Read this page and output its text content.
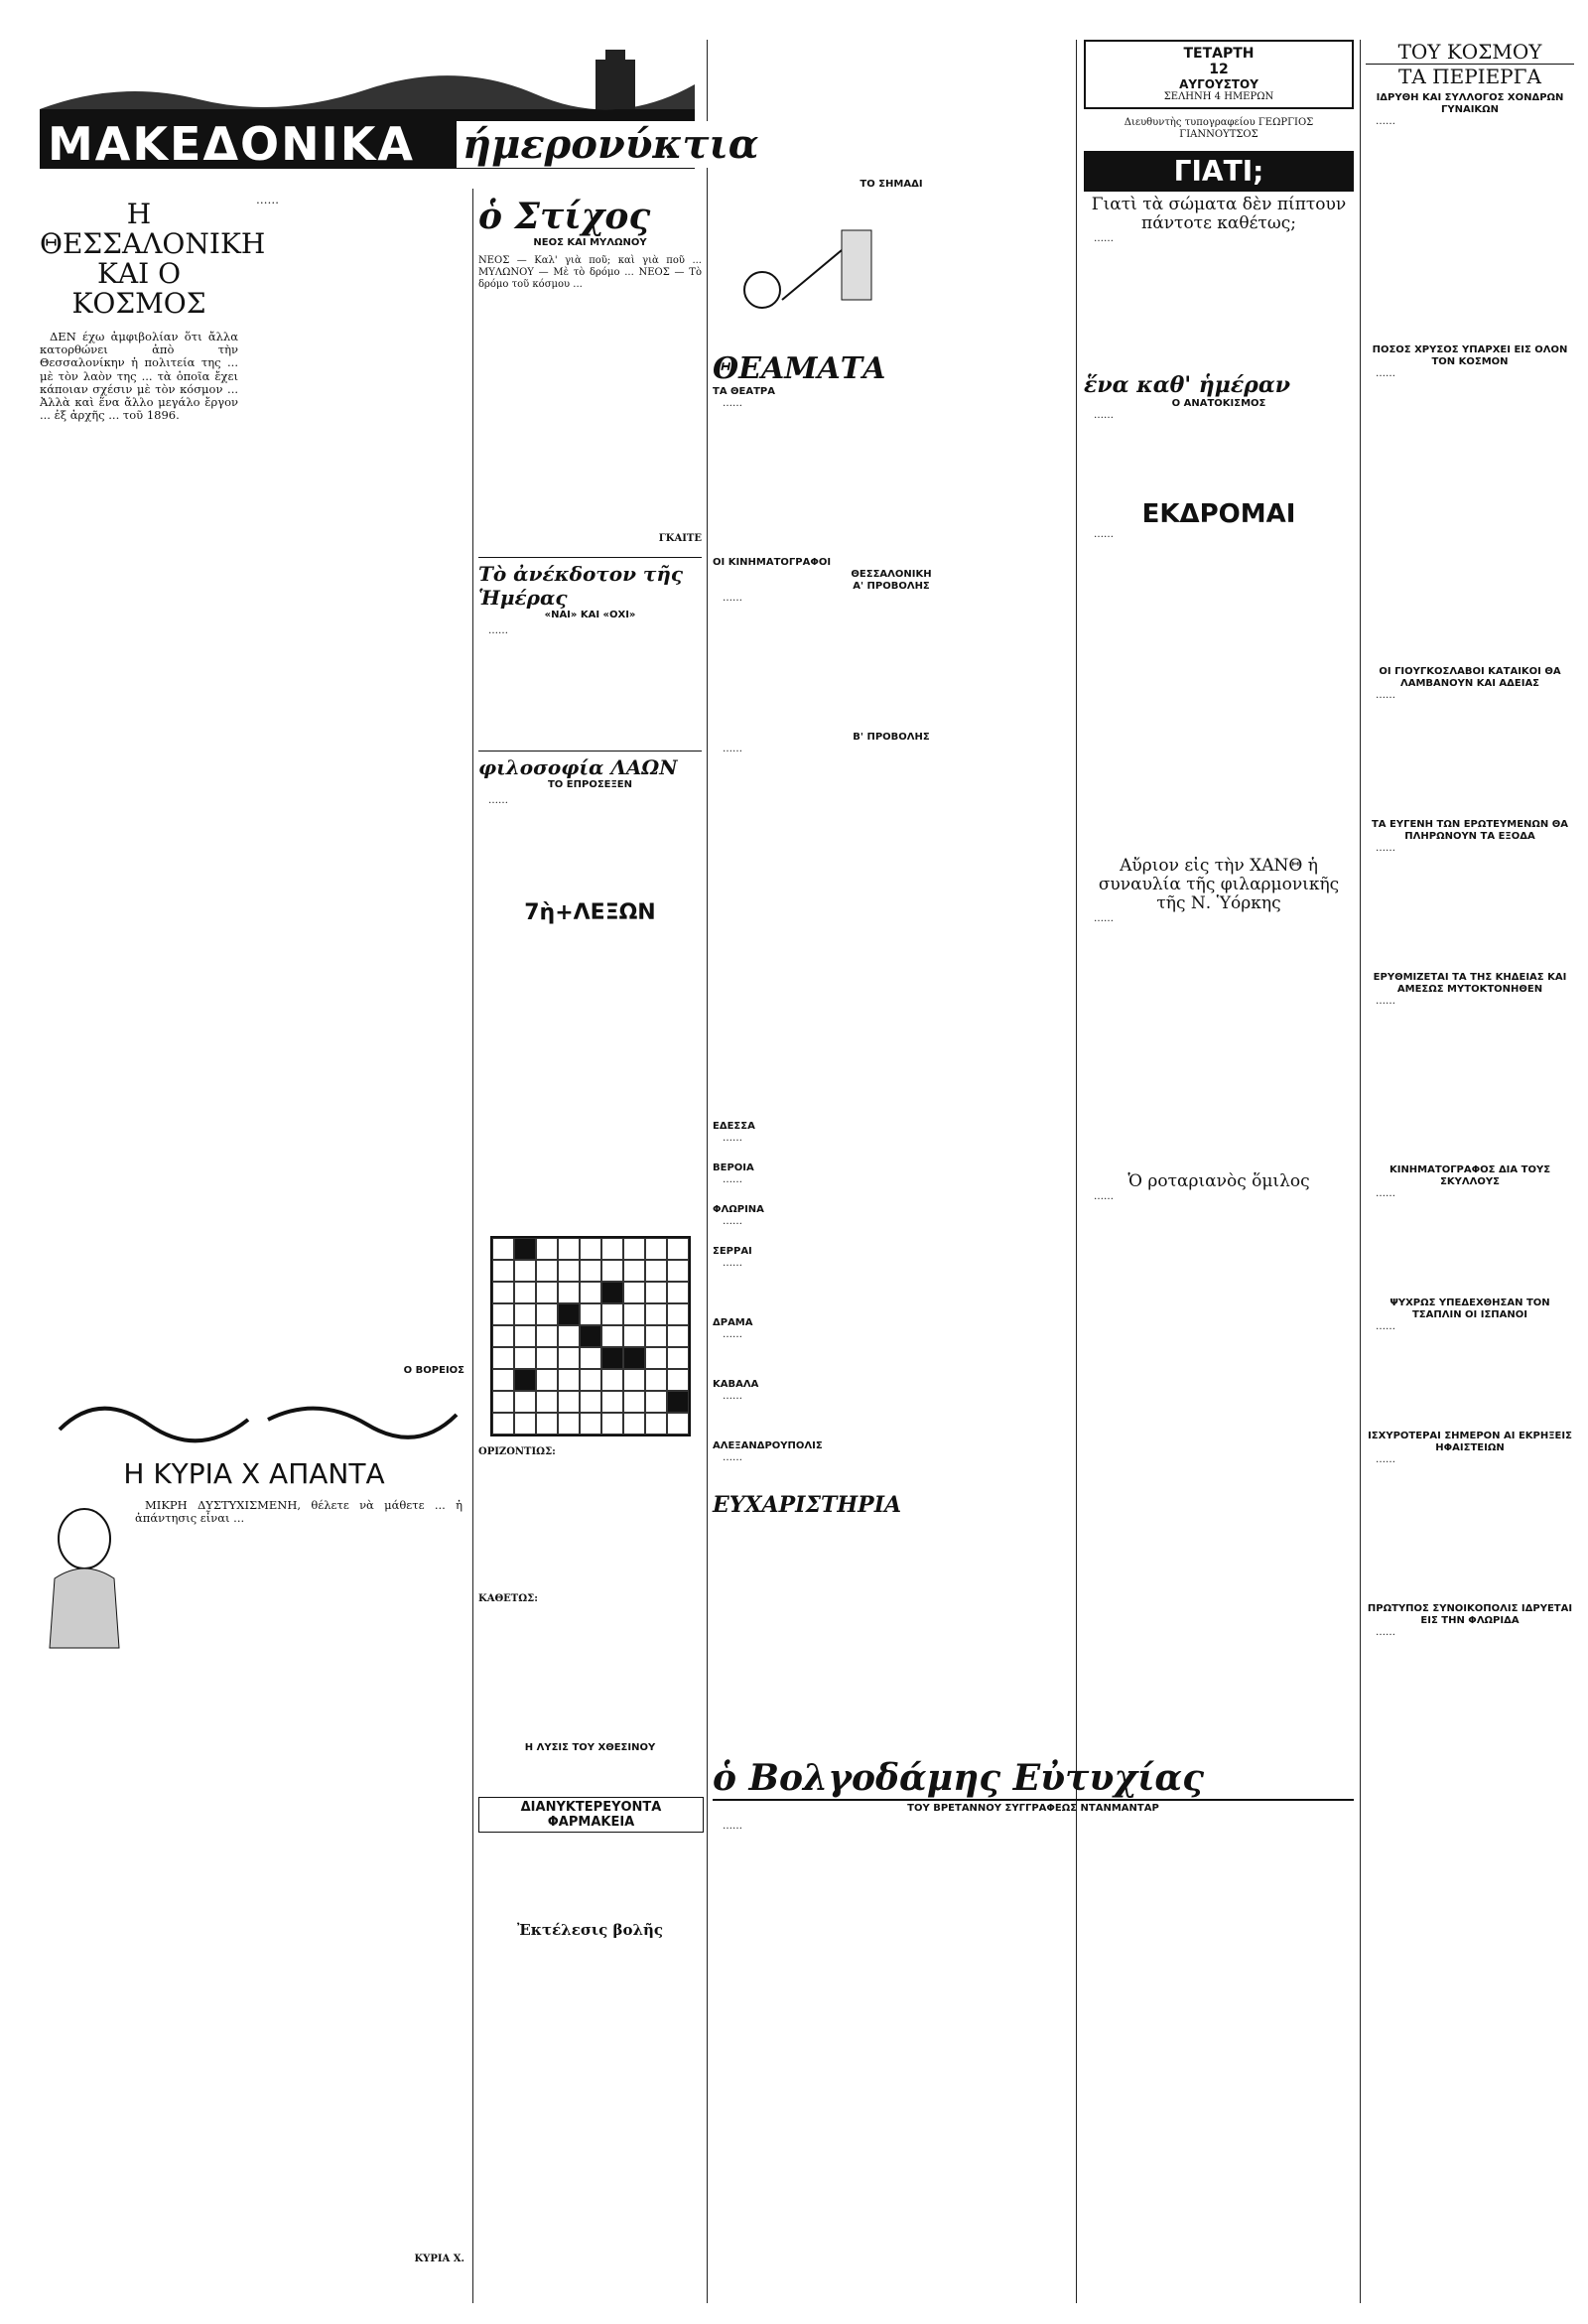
ΜΑΚΕΔΟΝΙΚΑ ήμερονύκτια
Η ΘΕΣΣΑΛΟΝΙΚΗ ΚΑΙ Ο ΚΟΣΜΟΣ

ΔΕΝ έχω ἀμφιβολίαν ὅτι ἄλλα κατορθώνει ἀπὸ τὴν Θεσσαλονίκην ἡ πολιτεία της ... μὲ τὸν λαὸν της ... τὰ ὁποῖα ἔχει κάποιαν σχέσιν μὲ τὸν κόσμον ... Ἀλλὰ καὶ ἕνα ἄλλο μεγάλο ἔργον ... ἐξ ἀρχῆς ... τοῦ 1896.

……

Ο ΒΟΡΕΙΟΣ
Η ΚΥΡΙΑ Χ ΑΠΑΝΤΑ

ΜΙΚΡΗ ΔΥΣΤΥΧΙΣΜΕΝΗ, θέλετε νὰ μάθετε ... ἡ ἀπάντησις εἶναι ...

ΚΥΡΙΑ Χ.
ὁ Στίχος
ΝΕΟΣ ΚΑΙ ΜΥΛΩΝΟΥ
ΝΕΟΣ — Καλ' γιὰ ποῦ; καὶ γιὰ ποῦ ... ΜΥΛΩΝΟΥ — Μὲ τὸ δρόμο ... ΝΕΟΣ — Τὸ δρόμο τοῦ κόσμου ...
ΓΚΑΙΤΕ
Τὸ ἀνέκδοτον τῆς Ἡμέρας
«ΝΑΙ» ΚΑΙ «ΟΧΙ»

……

φιλοσοφία ΛΑΩΝ
ΤΟ ΕΠΡΟΣΕΞΕΝ

……

7ὴ+ΛΕΞΩΝ
ΟΡΙΖΟΝΤΙΩΣ:
ΚΑΘΕΤΩΣ:
Η ΛΥΣΙΣ ΤΟΥ ΧΘΕΣΙΝΟΥ
ΔΙΑΝΥΚΤΕΡΕΥΟΝΤΑ ΦΑΡΜΑΚΕΙΑ
Ἐκτέλεσις βολῆς
ΤΟ ΣΗΜΑΔΙ
ΘΕΑΜΑΤΑ
ΤΑ ΘΕΑΤΡΑ

……

ΟΙ ΚΙΝΗΜΑΤΟΓΡΑΦΟΙ
ΘΕΣΣΑΛΟΝΙΚΗ
Α' ΠΡΟΒΟΛΗΣ

……

Β' ΠΡΟΒΟΛΗΣ

……

ΕΔΕΣΣΑ

……

ΒΕΡΟΙΑ

……

ΦΛΩΡΙΝΑ

……

ΣΕΡΡΑΙ

……

ΔΡΑΜΑ

……

ΚΑΒΑΛΑ

……

ΑΛΕΞΑΝΔΡΟΥΠΟΛΙΣ

……

ΕΥΧΑΡΙΣΤΗΡΙΑ
ΤΕΤΑΡΤΗ
12
ΑΥΓΟΥΣΤΟΥ
ΣΕΛΗΝΗ 4 ΗΜΕΡΩΝ
Διευθυντὴς τυπογραφείου ΓΕΩΡΓΙΟΣ ΓΙΑΝΝΟΥΤΣΟΣ
ΓΙΑΤΙ;
Γιατὶ τὰ σώματα δὲν πίπτουν πάντοτε καθέτως;

……

ἕνα καθ' ἡμέραν
Ο ΑΝΑΤΟΚΙΣΜΟΣ

……

ΕΚΔΡΟΜΑΙ

……

Αὔριον εἰς τὴν ΧΑΝΘ ἡ συναυλία τῆς φιλαρμονικῆς τῆς Ν. Ὑόρκης

……

Ὁ ροταριανὸς ὅμιλος

……

ὁ Βολγοδάμης Εὐτυχίας
ΤΟΥ ΒΡΕΤΑΝΝΟΥ ΣΥΓΓΡΑΦΕΩΣ ΝΤΑΝΜΑΝΤΑΡ

……

ΤΟΥ ΚΟΣΜΟΥ
ΤΑ ΠΕΡΙΕΡΓΑ
ΙΔΡΥΘΗ ΚΑΙ ΣΥΛΛΟΓΟΣ ΧΟΝΔΡΩΝ ΓΥΝΑΙΚΩΝ

……

ΠΟΣΟΣ ΧΡΥΣΟΣ ΥΠΑΡΧΕΙ ΕΙΣ ΟΛΟΝ ΤΟΝ ΚΟΣΜΟΝ

……

ΟΙ ΓΙΟΥΓΚΟΣΛΑΒΟΙ ΚΑΤΑΙΚΟΙ ΘΑ ΛΑΜΒΑΝΟΥΝ ΚΑΙ ΑΔΕΙΑΣ

……

ΤΑ ΕΥΓΕΝΗ ΤΩΝ ΕΡΩΤΕΥΜΕΝΩΝ ΘΑ ΠΛΗΡΩΝΟΥΝ ΤΑ ΕΞΟΔΑ

……

ΕΡΥΘΜΙΖΕΤΑΙ ΤΑ ΤΗΣ ΚΗΔΕΙΑΣ ΚΑΙ ΑΜΕΣΩΣ ΜΥΤΟΚΤΟΝΗΘΕΝ

……

ΚΙΝΗΜΑΤΟΓΡΑΦΟΣ ΔΙΑ ΤΟΥΣ ΣΚΥΛΛΟΥΣ

……

ΨΥΧΡΩΣ ΥΠΕΔΕΧΘΗΣΑΝ ΤΟΝ ΤΣΑΠΛΙΝ ΟΙ ΙΣΠΑΝΟΙ

……

ΙΣΧΥΡΟΤΕΡΑΙ ΣΗΜΕΡΟΝ ΑΙ ΕΚΡΗΞΕΙΣ ΗΦΑΙΣΤΕΙΩΝ

……

ΠΡΩΤΥΠΟΣ ΣΥΝΟΙΚΟΠΟΛΙΣ ΙΔΡΥΕΤΑΙ ΕΙΣ ΤΗΝ ΦΛΩΡΙΔΑ

……
